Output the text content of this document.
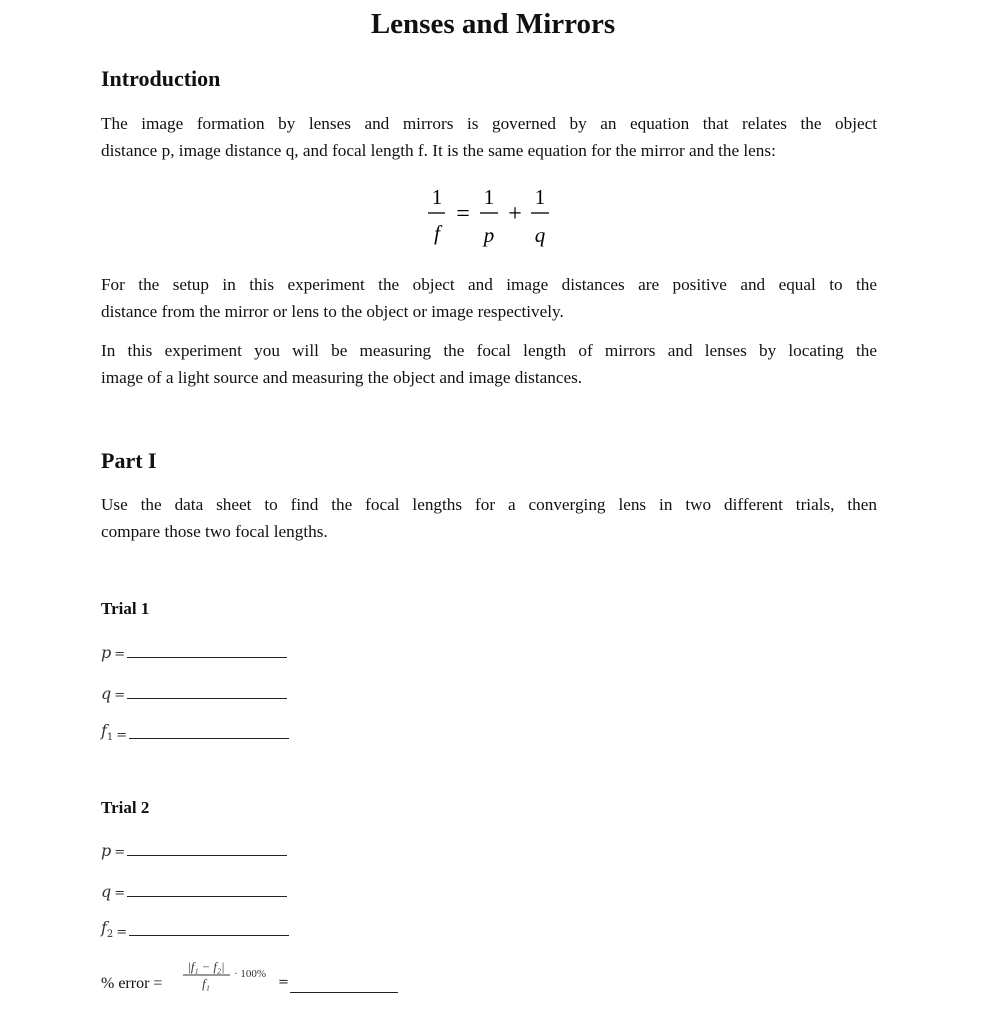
Lenses and Mirrors
Introduction
The image formation by lenses and mirrors is governed by an equation that relates the object
distance p, image distance q, and focal length f. It is the same equation for the mirror and the lens:
1
f
=
1
p
+
1
q
For the setup in this experiment the object and image distances are positive and equal to the
distance from the mirror or lens to the object or image respectively.
In this experiment you will be measuring the focal length of mirrors and lenses by locating the
image of a light source and measuring the object and image distances.
Part I
Use the data sheet to find the focal lengths for a converging lens in two different trials, then
compare those two focal lengths.
Trial 1
p =
q =
$f_1$ =
Trial 2
p =
q =
$f_2$ =
% error =
|f₁ − f₂|
f₁
· 100%
=
